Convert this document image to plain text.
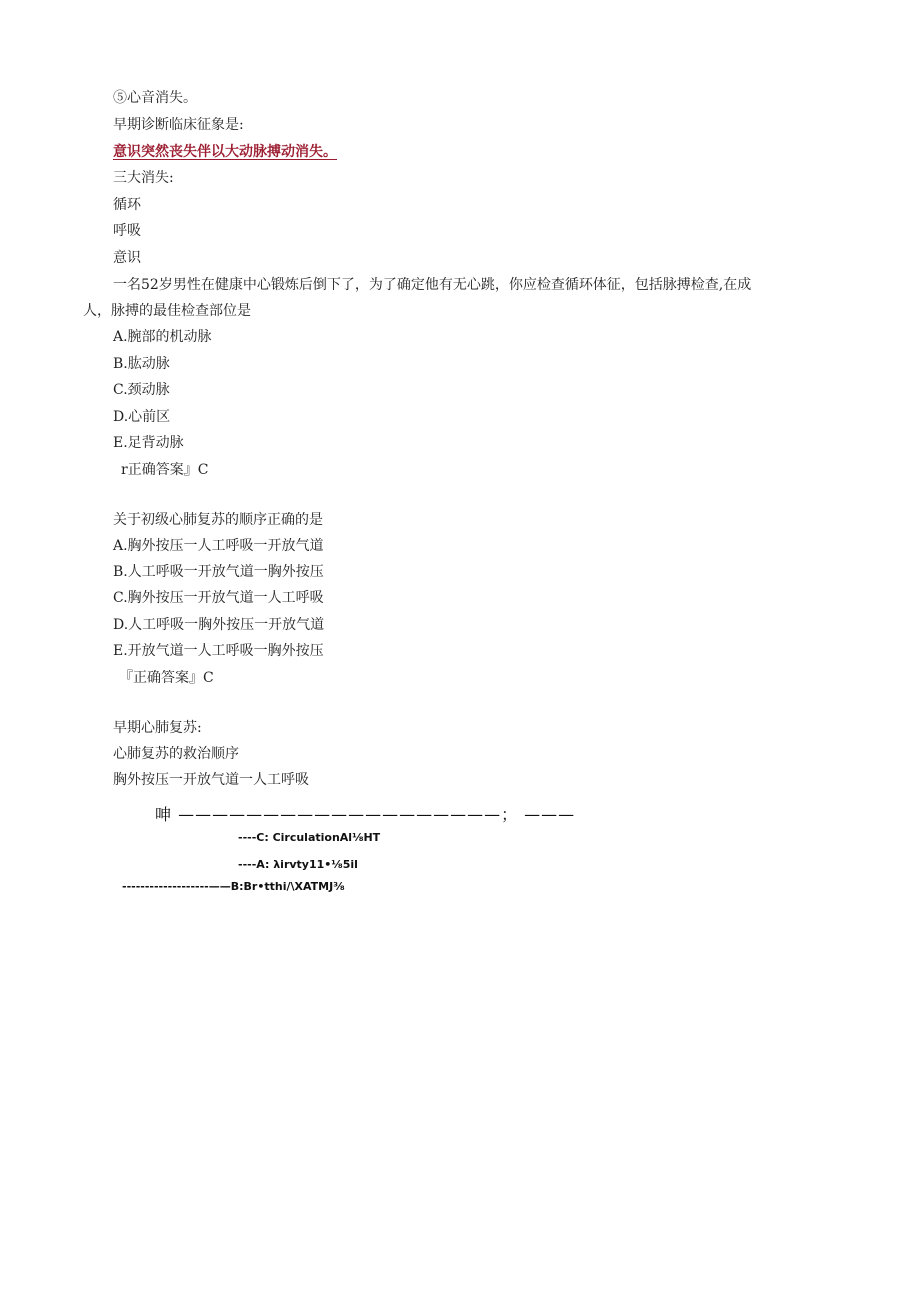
⑤心音消失。
早期诊断临床征象是:
意识突然丧失伴以大动脉搏动消失。
三大消失:
循环
呼吸
意识
一名52岁男性在健康中心锻炼后倒下了，为了确定他有无心跳，你应检查循环体征，包括脉搏检查,在成
人，脉搏的最佳检查部位是
A.腕部的机动脉
B.肱动脉
C.颈动脉
D.心前区
E.足背动脉
r正确答案』C
关于初级心肺复苏的顺序正确的是
A.胸外按压一人工呼吸一开放气道
B.人工呼吸一开放气道一胸外按压
C.胸外按压一开放气道一人工呼吸
D.人工呼吸一胸外按压一开放气道
E.开放气道一人工呼吸一胸外按压
『正确答案』C
早期心肺复苏:
心肺复苏的救治顺序
胸外按压一开放气道一人工呼吸
呻 ———————————————————； ———
----C: CirculationAl⅛HT
----A: λirvty11•⅛5il
-------------------——B:Br•tthi/\XATMJ⅜
